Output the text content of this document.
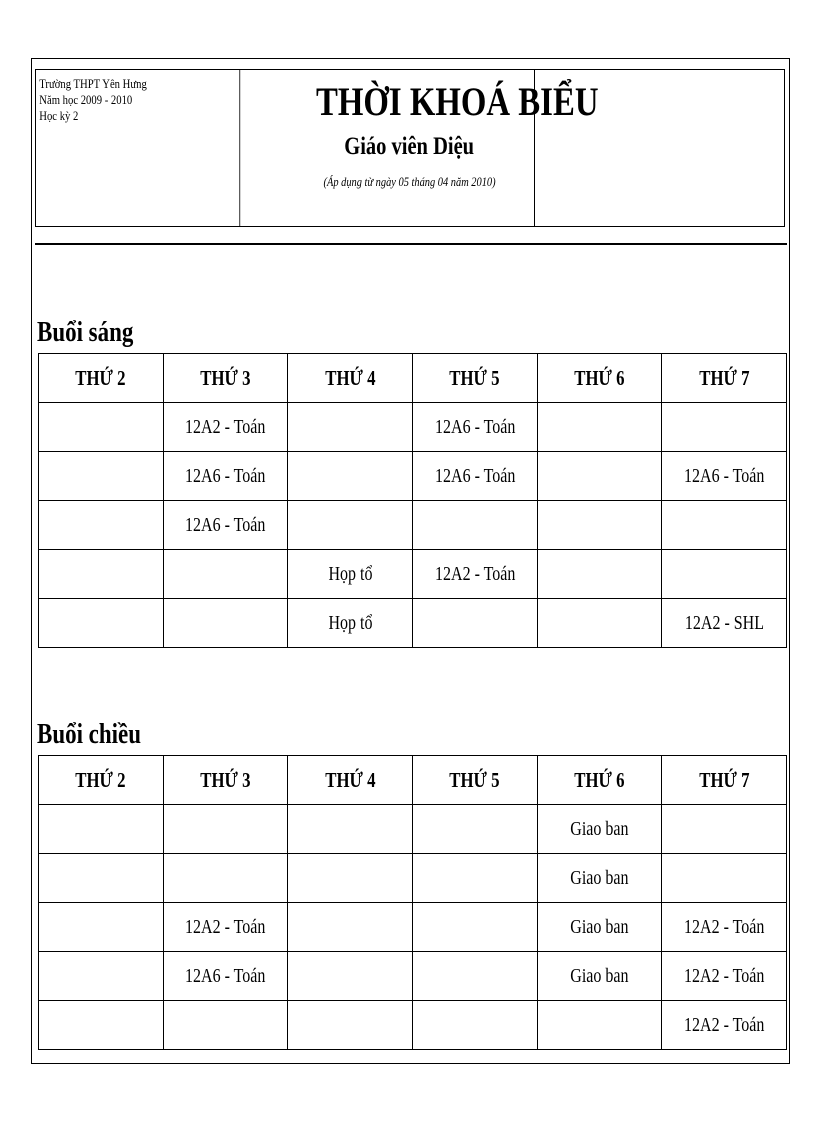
Trường THPT Yên Hưng
Năm học 2009 - 2010
Học kỳ 2	THỜI KHOÁ BIỂU
Giáo viên Diệu
(Áp dụng từ ngày 05 tháng 04 năm 2010)
Buổi sáng
THỨ 2	THỨ 3	THỨ 4	THỨ 5	THỨ 6	THỨ 7
	12A2 - Toán		12A6 - Toán		
	12A6 - Toán		12A6 - Toán		12A6 - Toán
	12A6 - Toán				
		Họp tổ	12A2 - Toán		
		Họp tổ			12A2 - SHL
Buổi chiều
THỨ 2	THỨ 3	THỨ 4	THỨ 5	THỨ 6	THỨ 7
				Giao ban	
				Giao ban	
	12A2 - Toán			Giao ban	12A2 - Toán
	12A6 - Toán			Giao ban	12A2 - Toán
					12A2 - Toán
